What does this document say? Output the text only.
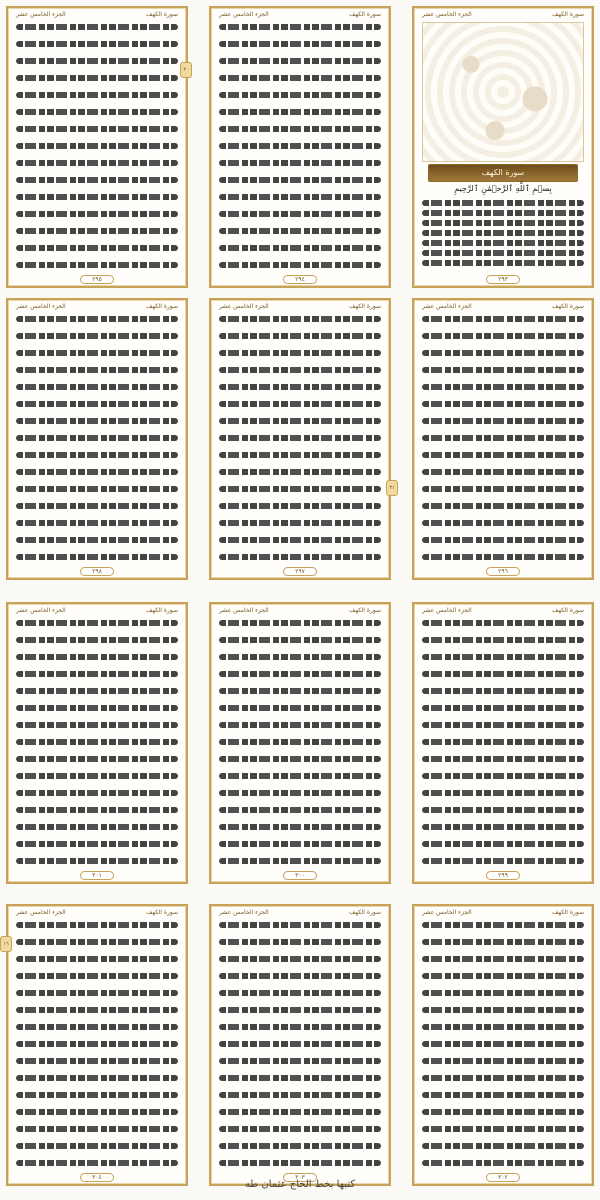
سورة الكهف
الجزء الخامس عشر
سورة الكهف
بِسۡمِ ٱللَّهِ ٱلرَّحۡمَٰنِ ٱلرَّحِيمِ
٢٩٣
سورة الكهف
الجزء الخامس عشر
٢٩٤
سورة الكهف
الجزء الخامس عشر
٣٠
٢٩٥
سورة الكهف
الجزء الخامس عشر
٢٩٦
سورة الكهف
الجزء الخامس عشر
٣١
٢٩٧
سورة الكهف
الجزء الخامس عشر
٢٩٨
سورة الكهف
الجزء الخامس عشر
٢٩٩
سورة الكهف
الجزء الخامس عشر
٣٠٠
سورة الكهف
الجزء الخامس عشر
٣٠١
سورة الكهف
الجزء الخامس عشر
٣٠٢
سورة الكهف
الجزء الخامس عشر
٣٠٣
سورة الكهف
الجزء الخامس عشر
١٦
٣٠٤
كتبها بخط الحاج عثمان طه
